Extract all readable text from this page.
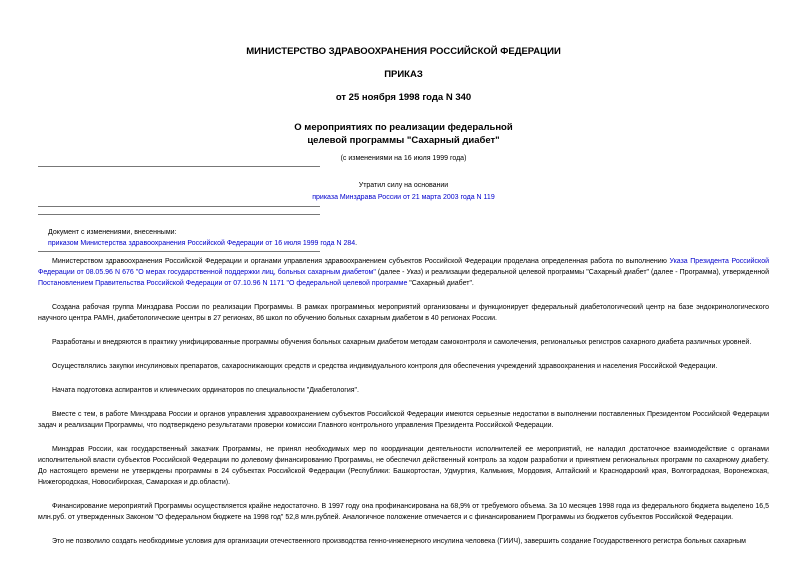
МИНИСТЕРСТВО ЗДРАВООХРАНЕНИЯ РОССИЙСКОЙ ФЕДЕРАЦИИ
ПРИКАЗ
от 25 ноября 1998 года N 340
О мероприятиях по реализации федеральной
целевой программы "Сахарный диабет"
(с изменениями на 16 июля 1999 года)
Утратил силу на основании
приказа Минздрава России от 21 марта 2003 года N 119
Документ с изменениями, внесенными:
приказом Министерства здравоохранения Российской Федерации от 16 июля 1999 года N 284.

Министерством здравоохранения Российской Федерации и органами управления здравоохранением субъектов Российской Федерации проделана определенная работа по выполнению Указа Президента Российской Федерации от 08.05.96 N 676 "О мерах государственной поддержки лиц, больных сахарным диабетом" (далее - Указ) и реализации федеральной целевой программы "Сахарный диабет" (далее - Программа), утвержденной Постановлением Правительства Российской Федерации от 07.10.96 N 1171 "О федеральной целевой программе "Сахарный диабет".

Создана рабочая группа Минздрава России по реализации Программы. В рамках программных мероприятий организованы и функционирует федеральный диабетологический центр на базе эндокринологического научного центра РАМН, диабетологические центры в 27 регионах, 86 школ по обучению больных сахарным диабетом в 40 регионах России.

Разработаны и внедряются в практику унифицированные программы обучения больных сахарным диабетом методам самоконтроля и самолечения, региональных регистров сахарного диабета различных уровней.

Осуществлялись закупки инсулиновых препаратов, сахароснижающих средств и средства индивидуального контроля для обеспечения учреждений здравоохранения и населения Российской Федерации.

Начата подготовка аспирантов и клинических ординаторов по специальности "Диабетология".

Вместе с тем, в работе Минздрава России и органов управления здравоохранением субъектов Российской Федерации имеются серьезные недостатки в выполнении поставленных Президентом Российской Федерации задач и реализации Программы, что подтверждено результатами проверки комиссии Главного контрольного управления Президента Российской Федерации.

Минздрав России, как государственный заказчик Программы, не принял необходимых мер по координации деятельности исполнителей ее мероприятий, не наладил достаточное взаимодействие с органами исполнительной власти субъектов Российской Федерации по долевому финансированию Программы, не обеспечил действенный контроль за ходом разработки и принятием региональных программ по сахарному диабету. До настоящего времени не утверждены программы в 24 субъектах Российской Федерации (Республики: Башкортостан, Удмуртия, Калмыкия, Мордовия, Алтайский и Краснодарский края, Волгоградская, Воронежская, Нижегородская, Новосибирская, Самарская и др.области).

Финансирование мероприятий Программы осуществляется крайне недостаточно. В 1997 году она профинансирована на 68,9% от требуемого объема. За 10 месяцев 1998 года из федерального бюджета выделено 16,5 млн.руб. от утвержденных Законом "О федеральном бюджете на 1998 год" 52,8 млн.рублей. Аналогичное положение отмечается и с финансированием Программы из бюджетов субъектов Российской Федерации.

Это не позволило создать необходимые условия для организации отечественного производства генно-инженерного инсулина человека (ГИИЧ), завершить создание Государственного регистра больных сахарным
